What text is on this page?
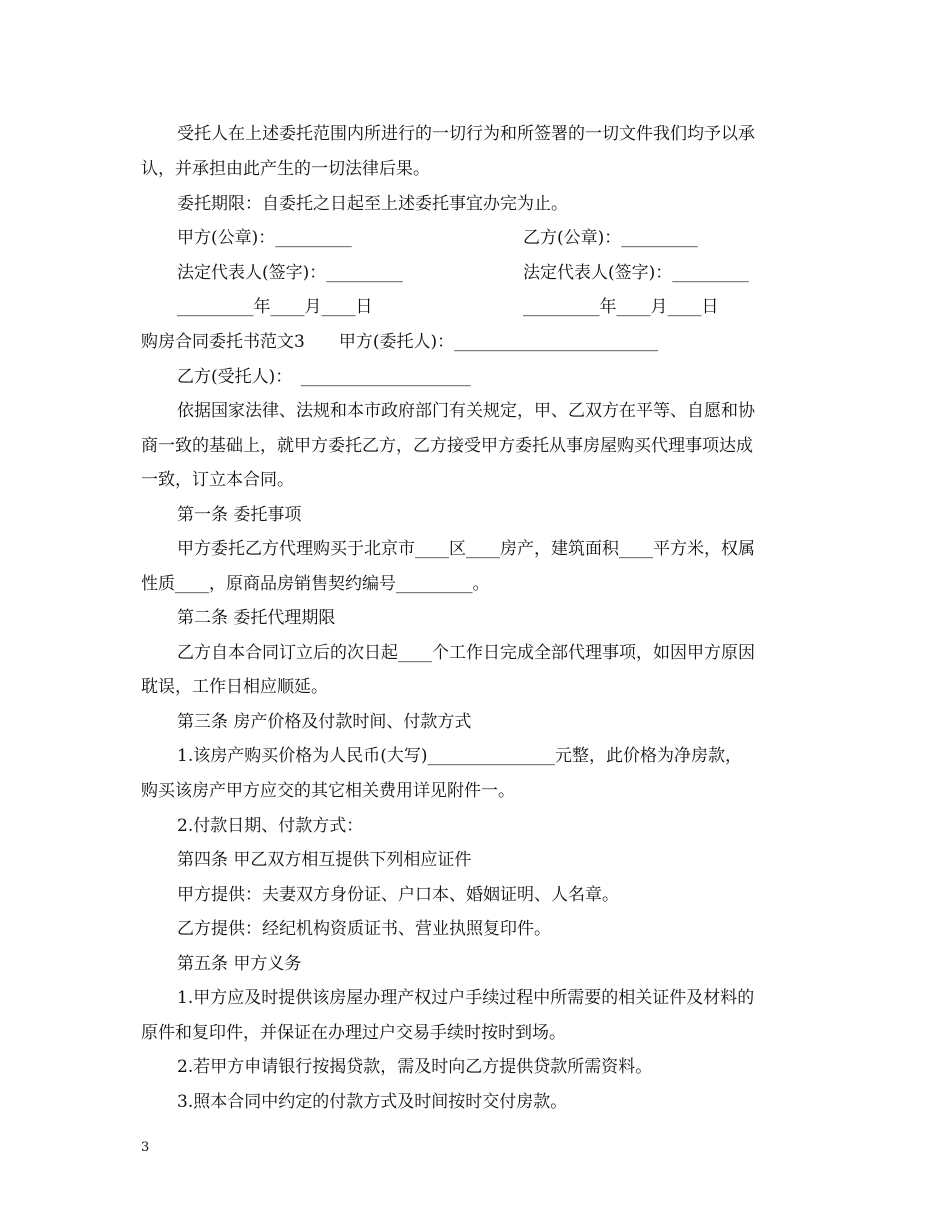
受托人在上述委托范围内所进行的一切行为和所签署的一切文件我们均予以承
认，并承担由此产生的一切法律后果。
委托期限：自委托之日起至上述委托事宜办完为止。
甲方(公章)：_________	乙方(公章)：_________
法定代表人(签字)：_________	法定代表人(签字)：_________
_________年____月____日	_________年____月____日
购房合同委托书范文3　　甲方(委托人)：________________________
乙方(受托人)：　____________________
依据国家法律、法规和本市政府部门有关规定，甲、乙双方在平等、自愿和协
商一致的基础上，就甲方委托乙方，乙方接受甲方委托从事房屋购买代理事项达成
一致，订立本合同。
第一条 委托事项
甲方委托乙方代理购买于北京市____区____房产，建筑面积____平方米，权属
性质____，原商品房销售契约编号_________。
第二条 委托代理期限
乙方自本合同订立后的次日起____个工作日完成全部代理事项，如因甲方原因
耽误，工作日相应顺延。
第三条 房产价格及付款时间、付款方式
1.该房产购买价格为人民币(大写)_______________元整，此价格为净房款，
购买该房产甲方应交的其它相关费用详见附件一。
2.付款日期、付款方式：
第四条 甲乙双方相互提供下列相应证件
甲方提供：夫妻双方身份证、户口本、婚姻证明、人名章。
乙方提供：经纪机构资质证书、营业执照复印件。
第五条 甲方义务
1.甲方应及时提供该房屋办理产权过户手续过程中所需要的相关证件及材料的
原件和复印件，并保证在办理过户交易手续时按时到场。
2.若甲方申请银行按揭贷款，需及时向乙方提供贷款所需资料。
3.照本合同中约定的付款方式及时间按时交付房款。
3
